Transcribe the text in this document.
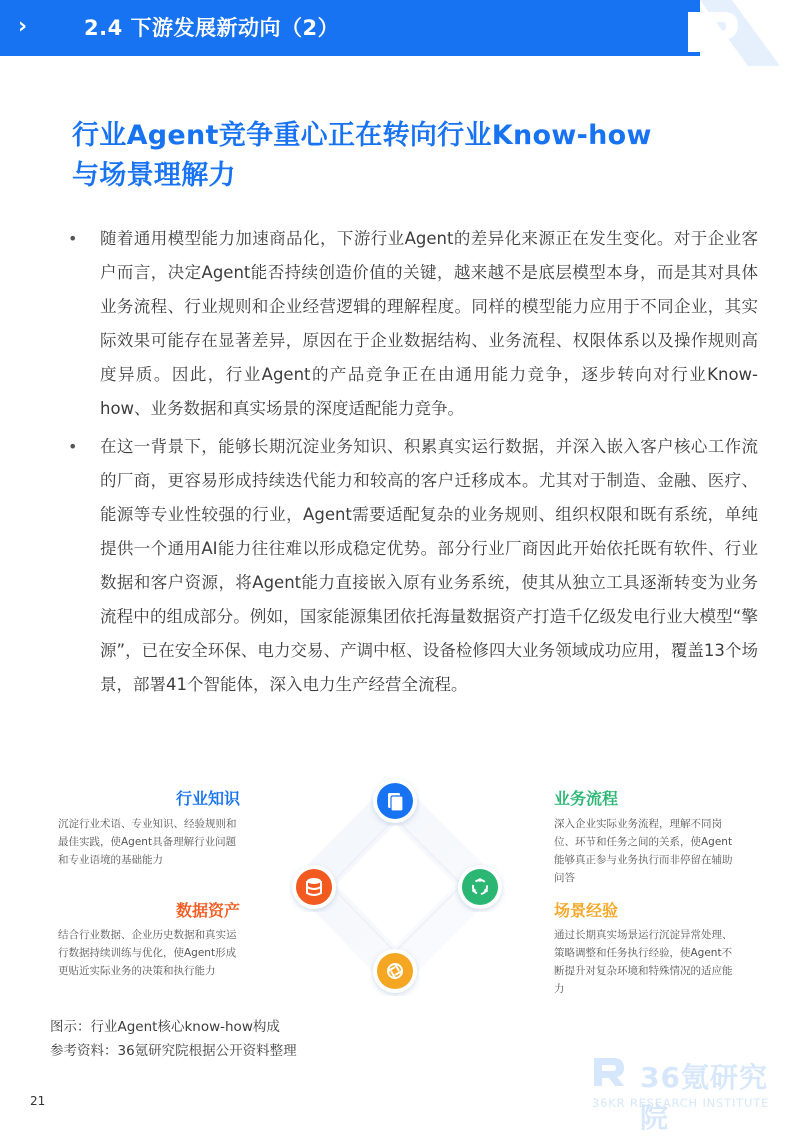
›	2.4 下游发展新动向（2）
行业Agent竞争重心正在转向行业Know-how
与场景理解力
• 随着通用模型能力加速商品化，下游行业Agent的差异化来源正在发生变化。对于企业客户而言，决定Agent能否持续创造价值的关键，越来越不是底层模型本身，而是其对具体业务流程、行业规则和企业经营逻辑的理解程度。同样的模型能力应用于不同企业，其实际效果可能存在显著差异，原因在于企业数据结构、业务流程、权限体系以及操作规则高度异质。因此，行业Agent的产品竞争正在由通用能力竞争，逐步转向对行业Know-how、业务数据和真实场景的深度适配能力竞争。
• 在这一背景下，能够长期沉淀业务知识、积累真实运行数据，并深入嵌入客户核心工作流的厂商，更容易形成持续迭代能力和较高的客户迁移成本。尤其对于制造、金融、医疗、能源等专业性较强的行业，Agent需要适配复杂的业务规则、组织权限和既有系统，单纯提供一个通用AI能力往往难以形成稳定优势。部分行业厂商因此开始依托既有软件、行业数据和客户资源，将Agent能力直接嵌入原有业务系统，使其从独立工具逐渐转变为业务流程中的组成部分。例如，国家能源集团依托海量数据资产打造千亿级发电行业大模型“擎源”，已在安全环保、电力交易、产调中枢、设备检修四大业务领域成功应用，覆盖13个场景，部署41个智能体，深入电力生产经营全流程。
行业知识
沉淀行业术语、专业知识、经验规则和最佳实践，使Agent具备理解行业问题和专业语境的基础能力
数据资产
结合行业数据、企业历史数据和真实运行数据持续训练与优化，使Agent形成更贴近实际业务的决策和执行能力
业务流程
深入企业实际业务流程，理解不同岗位、环节和任务之间的关系，使Agent能够真正参与业务执行而非停留在辅助问答
场景经验
通过长期真实场景运行沉淀异常处理、策略调整和任务执行经验，使Agent不断提升对复杂环境和特殊情况的适应能力
图示：行业Agent核心know-how构成
参考资料：36氪研究院根据公开资料整理
36氪研究院
36KR RESEARCH INSTITUTE
21
